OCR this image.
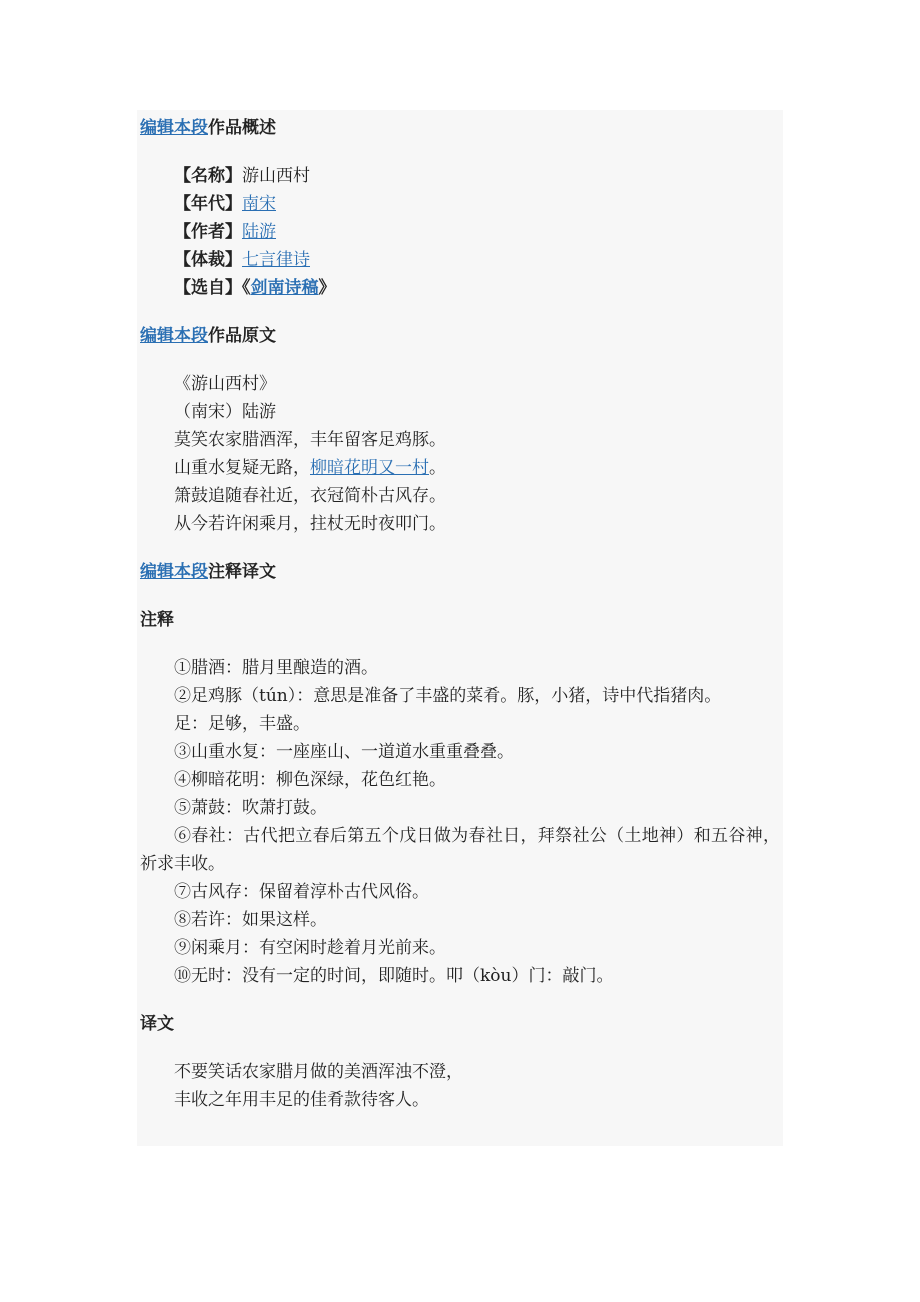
编辑本段作品概述

【名称】游山西村
【年代】南宋
【作者】陆游
【体裁】七言律诗
【选自】《剑南诗稿》

编辑本段作品原文

《游山西村》
（南宋）陆游
莫笑农家腊酒浑，丰年留客足鸡豚。
山重水复疑无路，柳暗花明又一村。
箫鼓追随春社近，衣冠简朴古风存。
从今若许闲乘月，拄杖无时夜叩门。

编辑本段注释译文

注释

①腊酒：腊月里酿造的酒。
②足鸡豚（tún）：意思是准备了丰盛的菜肴。豚，小猪，诗中代指猪肉。
足：足够，丰盛。
③山重水复：一座座山、一道道水重重叠叠。
④柳暗花明：柳色深绿，花色红艳。
⑤萧鼓：吹萧打鼓。
⑥春社：古代把立春后第五个戊日做为春社日，拜祭社公（土地神）和五谷神，祈求丰收。
⑦古风存：保留着淳朴古代风俗。
⑧若许：如果这样。
⑨闲乘月：有空闲时趁着月光前来。
⑩无时：没有一定的时间，即随时。叩（kòu）门：敲门。

译文

不要笑话农家腊月做的美酒浑浊不澄，
丰收之年用丰足的佳肴款待客人。
